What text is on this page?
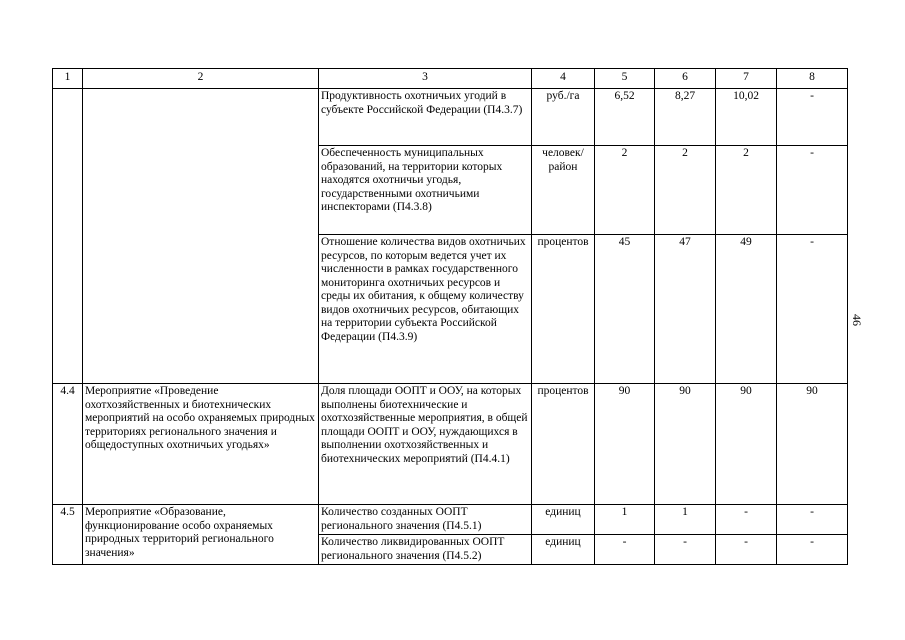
1	2	3	4	5	6	7	8
		Продуктивность охотничьих угодий в субъекте Российской Федерации (П4.3.7)	руб./га	6,52	8,27	10,02	-
		Обеспеченность муниципальных образований, на территории которых находятся охотничьи угодья, государственными охотничьими инспекторами (П4.3.8)	человек/ район	2	2	2	-
		Отношение количества видов охотничьих ресурсов, по которым ведется учет их численности в рамках государственного мониторинга охотничьих ресурсов и среды их обитания, к общему количеству видов охотничьих ресурсов, обитающих на территории субъекта Российской Федерации (П4.3.9)	процентов	45	47	49	-
4.4	Мероприятие «Проведение охотхозяйственных и биотехнических мероприятий на особо охраняемых природных территориях регионального значения и общедоступных охотничьих угодьях»	Доля площади ООПТ и ООУ, на которых выполнены биотехнические и охотхозяйственные мероприятия, в общей площади ООПТ и ООУ, нуждающихся в выполнении охотхозяйственных и биотехнических мероприятий (П4.4.1)	процентов	90	90	90	90
4.5	Мероприятие «Образование, функционирование особо охраняемых природных территорий регионального значения»	Количество созданных ООПТ регионального значения (П4.5.1)	единиц	1	1	-	-
		Количество ликвидированных ООПТ регионального значения (П4.5.2)	единиц	-	-	-	-
46
